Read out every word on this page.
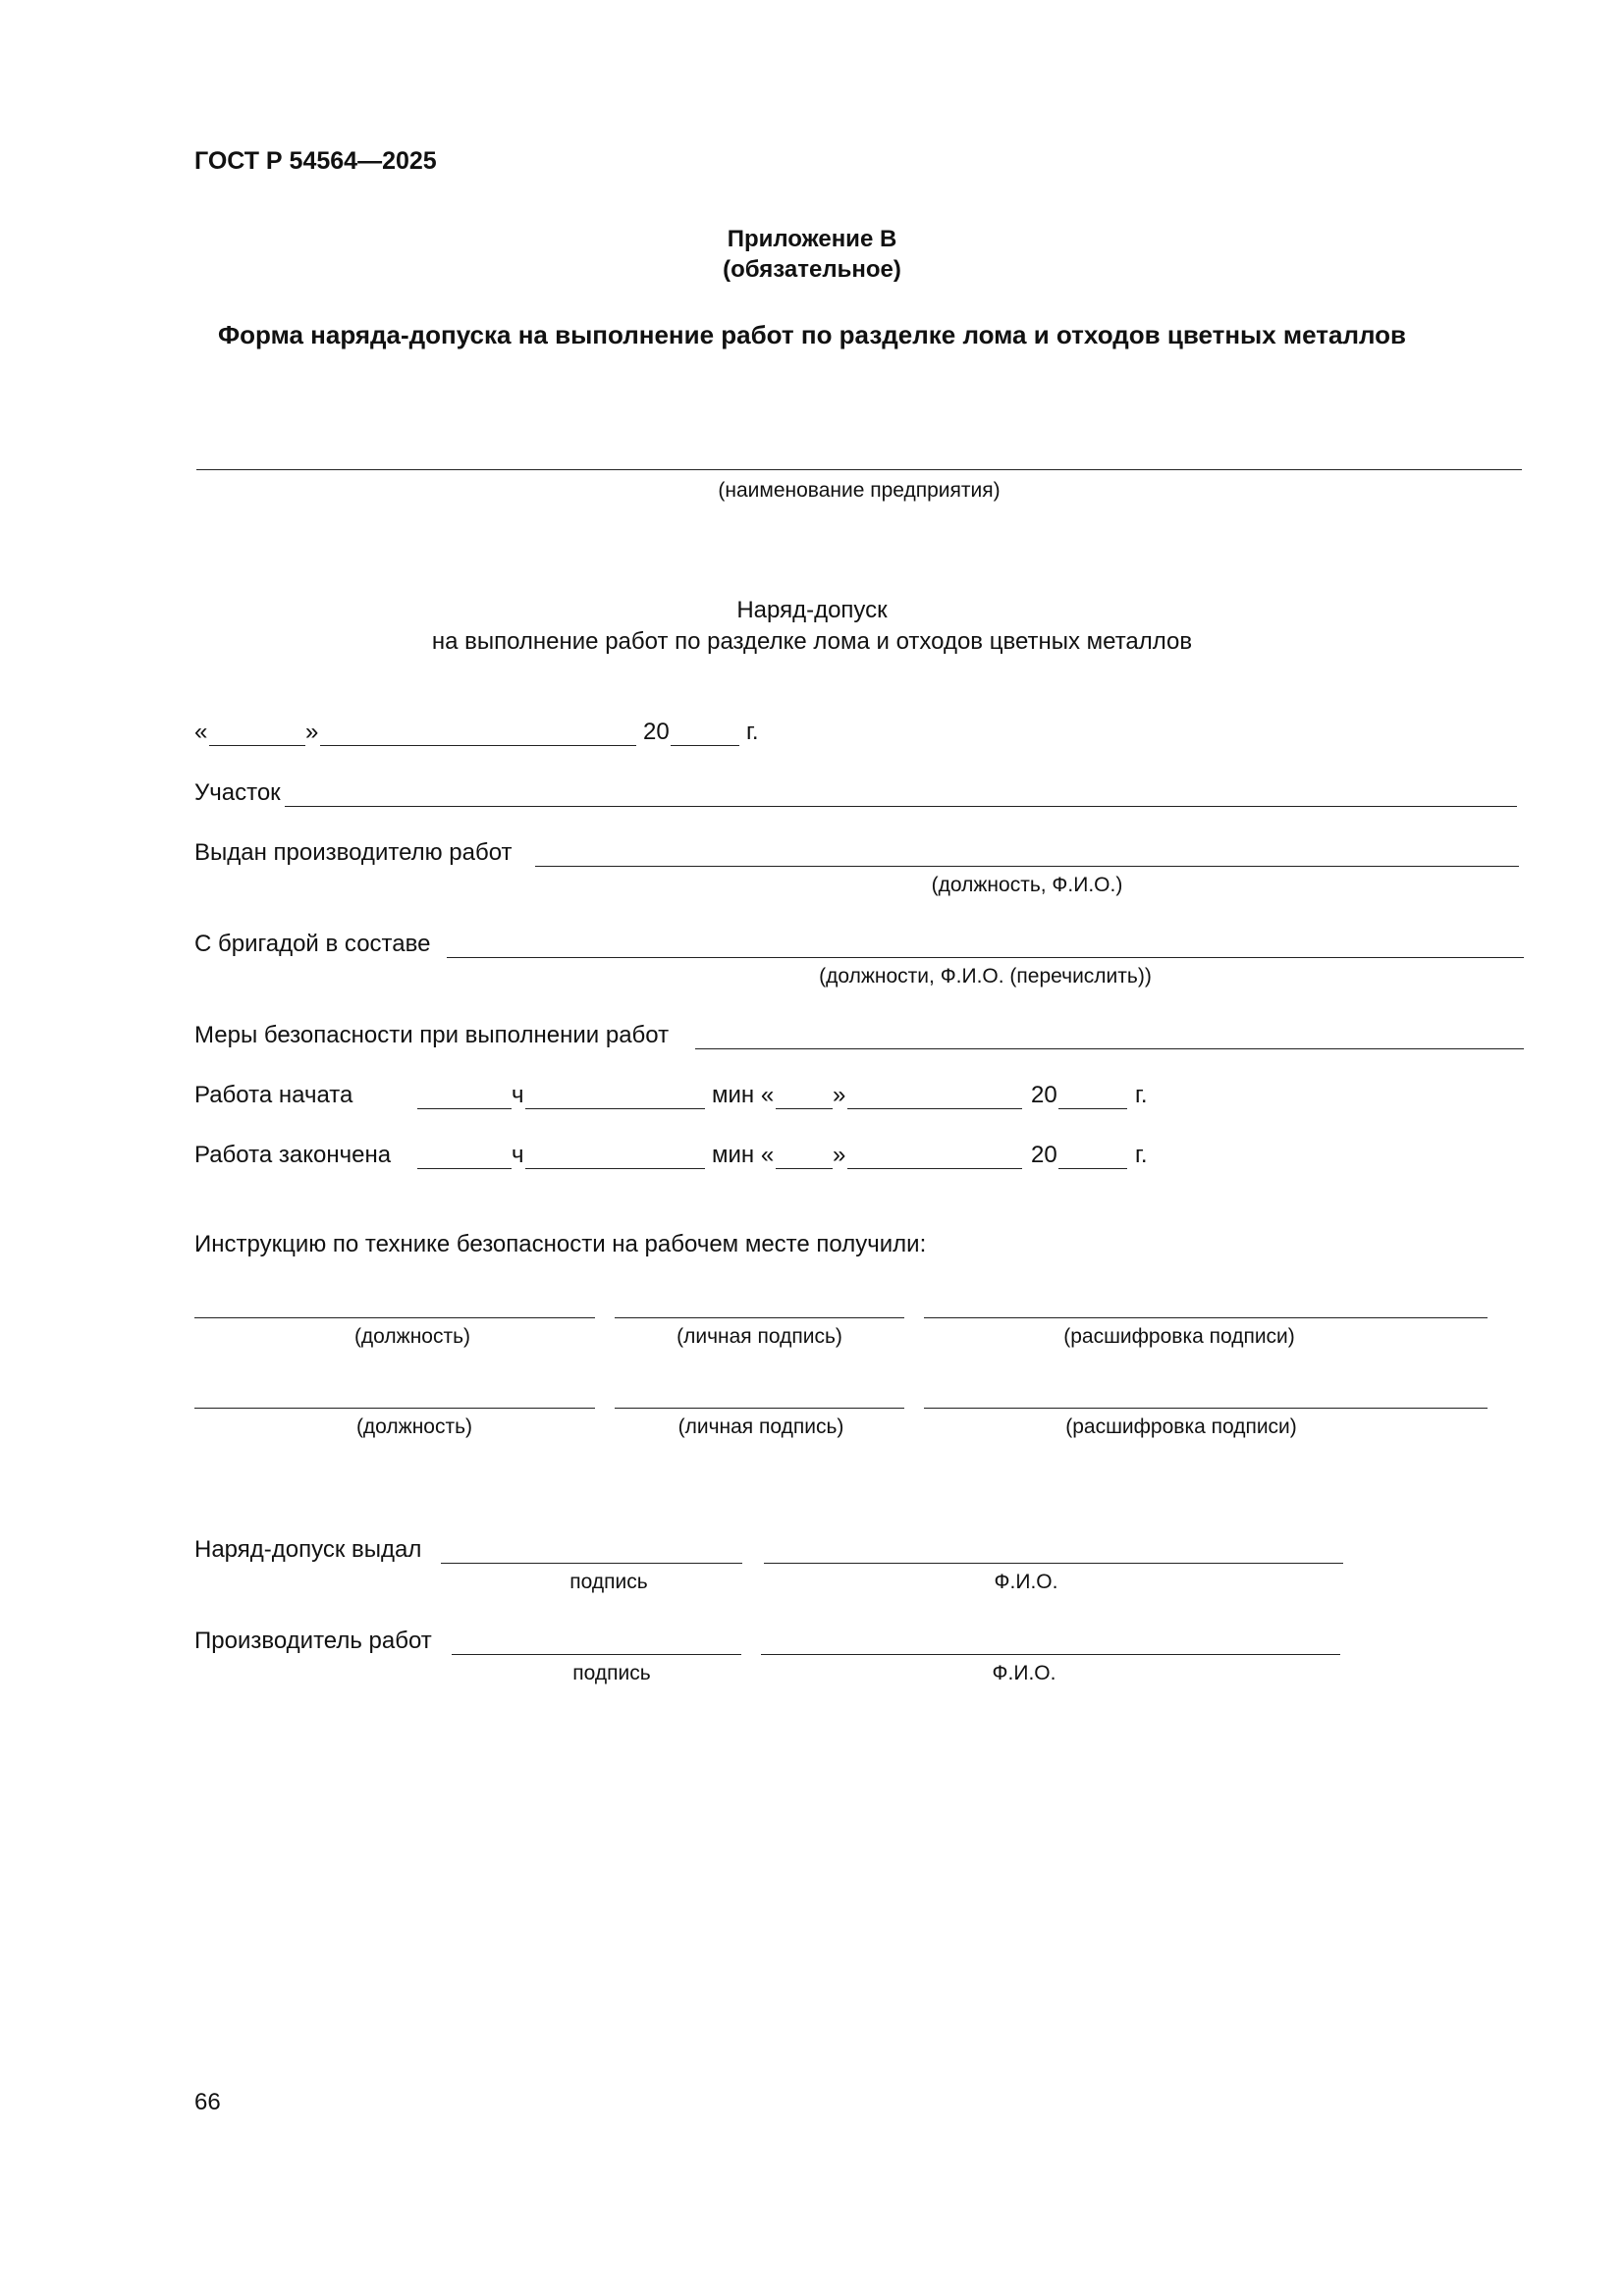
ГОСТ Р 54564—2025
Приложение В
(обязательное)
Форма наряда-допуска на выполнение работ по разделке лома и отходов цветных металлов
(наименование предприятия)
Наряд-допуск
на выполнение работ по разделке лома и отходов цветных металлов
«	»	20	г.
Участок
Выдан производителю работ
(должность, Ф.И.О.)
С бригадой в составе
(должности, Ф.И.О. (перечислить))
Меры безопасности при выполнении работ
Работа начата	ч	мин « »	20	г.
Работа закончена	ч	мин « »	20	г.
Инструкцию по технике безопасности на рабочем месте получили:
(должность)	(личная подпись)	(расшифровка подписи)
(должность)	(личная подпись)	(расшифровка подписи)
Наряд-допуск выдал
подпись	Ф.И.О.
Производитель работ
подпись	Ф.И.О.
66
